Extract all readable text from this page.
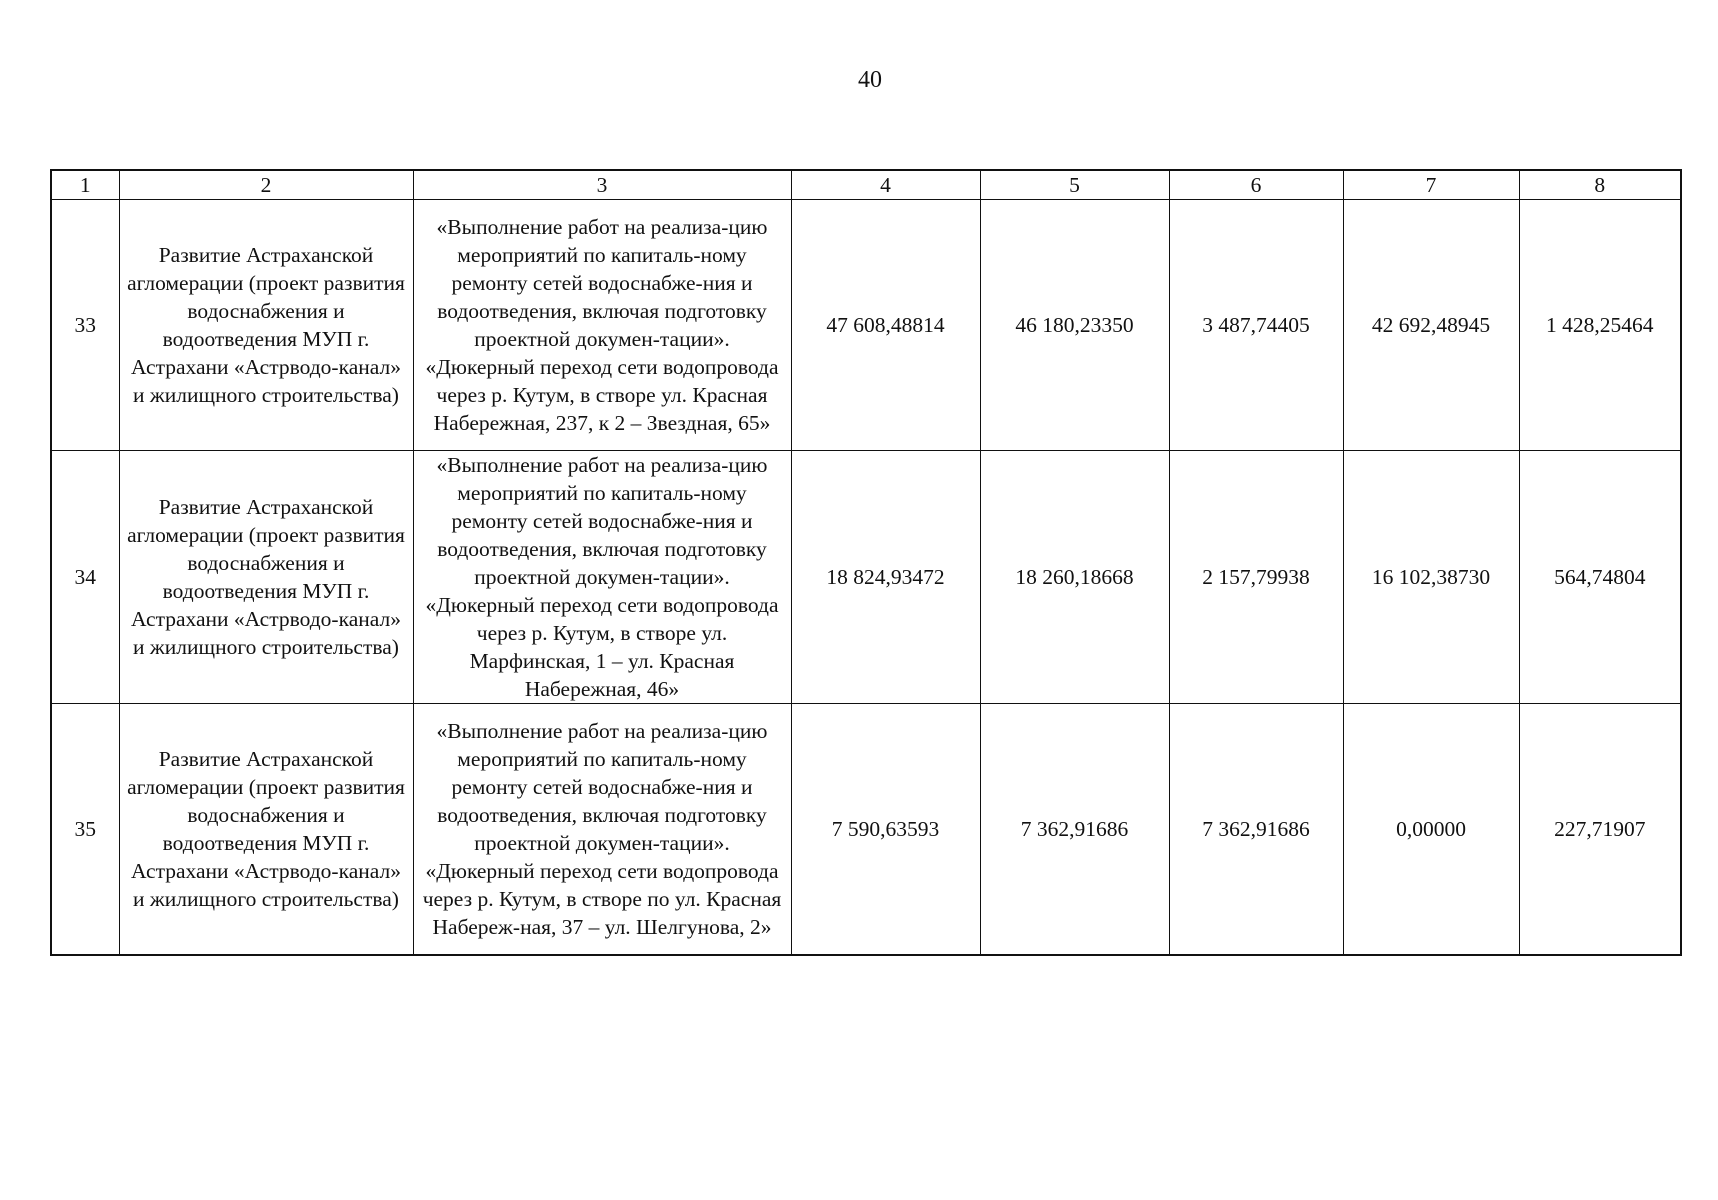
40
1	2	3	4	5	6	7	8
33	Развитие Астраханской агломерации (проект развития водоснабжения и водоотведения МУП г. Астрахани «Астрводо-канал» и жилищного строительства)	«Выполнение работ на реализа-цию мероприятий по капиталь-ному ремонту сетей водоснабже-ния и водоотведения, включая подготовку проектной докумен-тации». «Дюкерный переход сети водопровода через р. Кутум, в створе ул. Красная Набережная, 237, к 2 – Звездная, 65»	47 608,48814	46 180,23350	3 487,74405	42 692,48945	1 428,25464
34	Развитие Астраханской агломерации (проект развития водоснабжения и водоотведения МУП г. Астрахани «Астрводо-канал» и жилищного строительства)	«Выполнение работ на реализа-цию мероприятий по капиталь-ному ремонту сетей водоснабже-ния и водоотведения, включая подготовку проектной докумен-тации». «Дюкерный переход сети водопровода через р. Кутум, в створе ул. Марфинская, 1 – ул. Красная Набережная, 46»	18 824,93472	18 260,18668	2 157,79938	16 102,38730	564,74804
35	Развитие Астраханской агломерации (проект развития водоснабжения и водоотведения МУП г. Астрахани «Астрводо-канал» и жилищного строительства)	«Выполнение работ на реализа-цию мероприятий по капиталь-ному ремонту сетей водоснабже-ния и водоотведения, включая подготовку проектной докумен-тации». «Дюкерный переход сети водопровода через р. Кутум, в створе по ул. Красная Набереж-ная, 37 – ул. Шелгунова, 2»	7 590,63593	7 362,91686	7 362,91686	0,00000	227,71907
